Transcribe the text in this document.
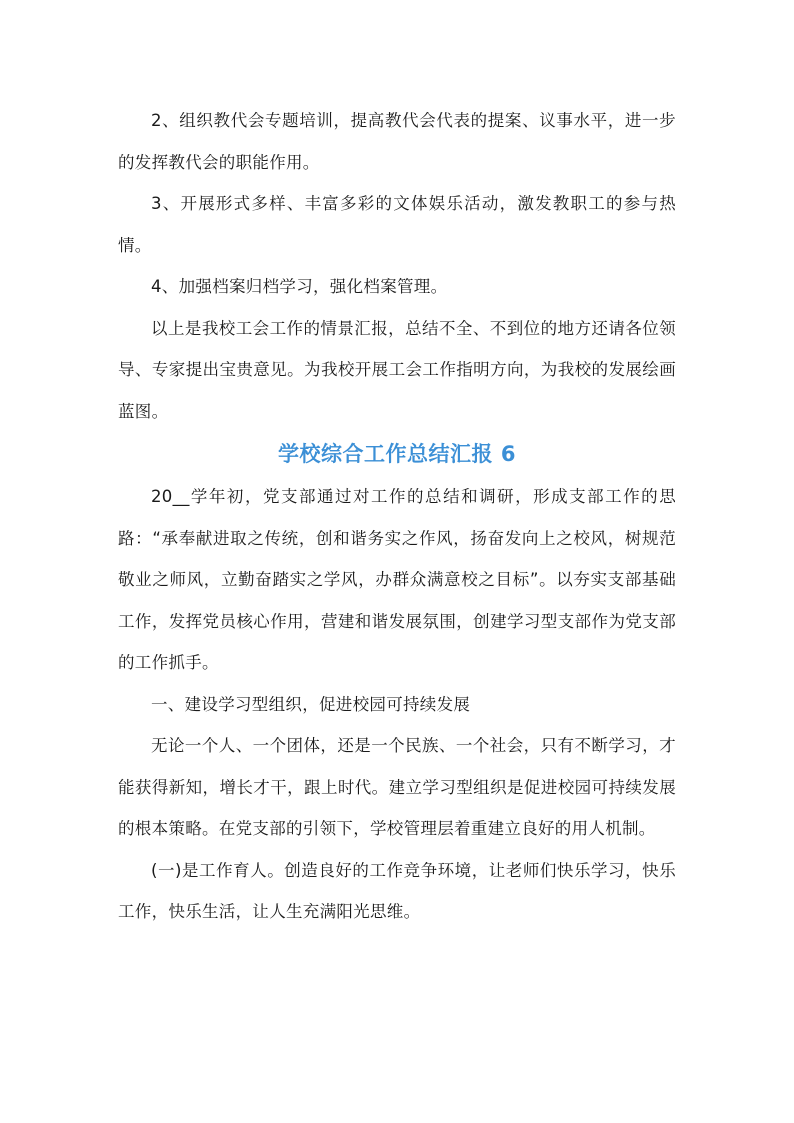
2、组织教代会专题培训，提高教代会代表的提案、议事水平，进一步的发挥教代会的职能作用。

3、开展形式多样、丰富多彩的文体娱乐活动，激发教职工的参与热情。

4、加强档案归档学习，强化档案管理。

以上是我校工会工作的情景汇报，总结不全、不到位的地方还请各位领导、专家提出宝贵意见。为我校开展工会工作指明方向，为我校的发展绘画蓝图。

学校综合工作总结汇报 6

20__学年初，党支部通过对工作的总结和调研，形成支部工作的思路：“承奉献进取之传统，创和谐务实之作风，扬奋发向上之校风，树规范敬业之师风，立勤奋踏实之学风，办群众满意校之目标”。以夯实支部基础工作，发挥党员核心作用，营建和谐发展氛围，创建学习型支部作为党支部的工作抓手。

一、建设学习型组织，促进校园可持续发展

无论一个人、一个团体，还是一个民族、一个社会，只有不断学习，才能获得新知，增长才干，跟上时代。建立学习型组织是促进校园可持续发展的根本策略。在党支部的引领下，学校管理层着重建立良好的用人机制。

(一)是工作育人。创造良好的工作竞争环境，让老师们快乐学习，快乐工作，快乐生活，让人生充满阳光思维。
